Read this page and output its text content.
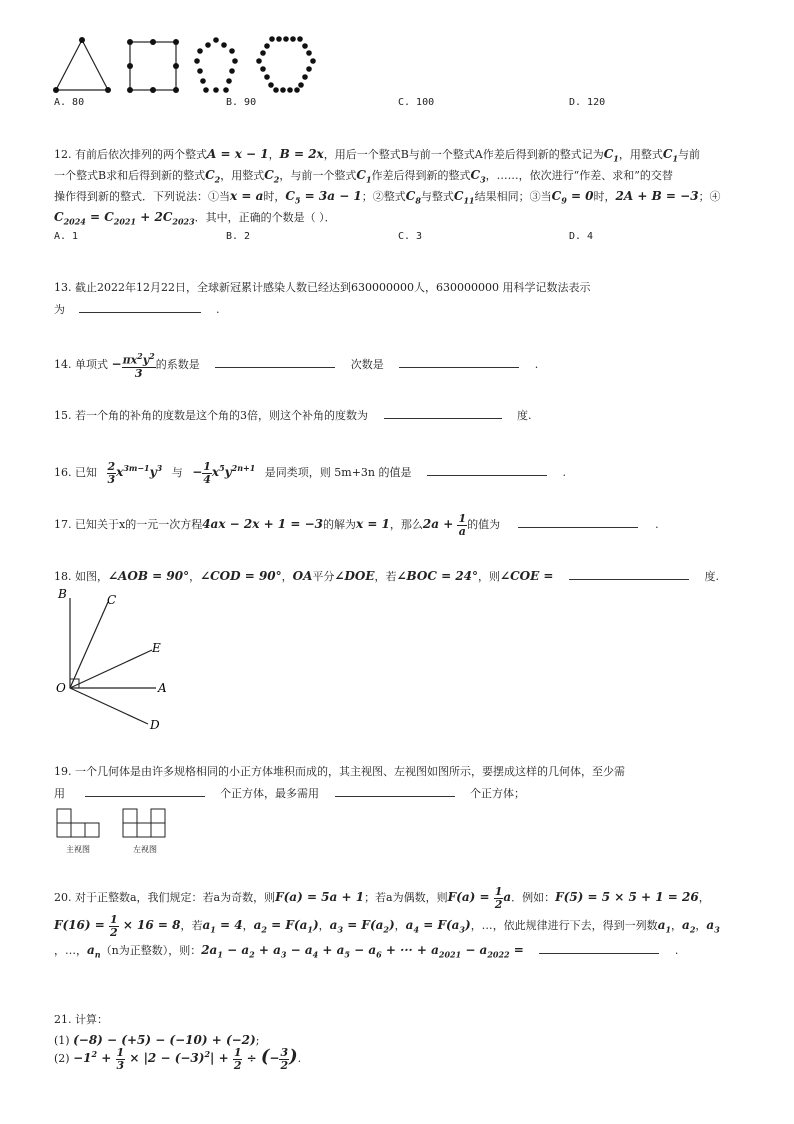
A. 80	B. 90	C. 100	D. 120
12. 有前后依次排列的两个整式A = x − 1，B = 2x，用后一个整式B与前一个整式A作差后得到新的整式记为$C_1$，用整式$C_1$与前
一个整式B求和后得到新的整式$C_2$，用整式$C_2$，与前一个整式$C_1$作差后得到新的整式$C_3$，……，依次进行“作差、求和”的交替
操作得到新的整式．下列说法：①当x = a时，$C_5 = 3a - 1$；②整式$C_8$与整式$C_{11}$结果相同；③当$C_9 = 0$时，2A + B = −3；④
$C_{2024} = C_{2021} + 2C_{2023}$．其中，正确的个数是（ ）．
A. 1	B. 2	C. 3	D. 4
13. 截止2022年12月22日，全球新冠累计感染人数已经达到630000000人，630000000 用科学记数法表示
为	.
14. 单项式 − $\frac{\pi x^2y^2}{3}$ 的系数是	次数是	.
15. 若一个角的补角的度数是这个角的3倍，则这个补角的度数为	度.
16. 已知 $\frac{2}{3} x^{3m-1}y^3$ 与 − $\frac{1}{4} x^5y^{2n+1}$ 是同类项，则 5m+3n 的值是	.
17. 已知关于x的一元一次方程4ax − 2x + 1 = −3的解为x = 1，那么$2a + \frac{1}{a}$ 的值为	.
18. 如图，∠AOB = 90°，∠COD = 90°，OA平分∠DOE，若∠BOC = 24°，则∠COE =	度.
B	C
E
O	A
D
19. 一个几何体是由许多规格相同的小正方体堆积而成的，其主视图、左视图如图所示，要摆成这样的几何体，至少需
用	个正方体，最多需用	个正方体；
主视图	左视图
20. 对于正整数a，我们规定：若a为奇数，则F(a) = 5a + 1；若a为偶数，则$F(a) = \frac{1}{2}$ a．例如：F(5) = 5 × 5 + 1 = 26，
$F(16) = \frac{1}{2} \times 16 = 8$，若$a_1 = 4$，$a_2 = F(a_1)$，$a_3 = F(a_2)$，$a_4 = F(a_3)$，…，依此规律进行下去，得到一列数$a_1$，$a_2$，$a_3$
，…，$a_n(n$为正整数），则：$2a_1 - a_2 + a_3 - a_4 + a_5 - a_6$ + ··· + $a_{2021} - a_{2022}$ =	.
21. 计算：
(1) (−8) − (+5) − (−10) + (−2);
$(2) -1^2 + \frac{1}{3} \times |2 - (-3)^2| + \frac{1}{2}$ ÷ (− $\frac{3}{2}$ ).
